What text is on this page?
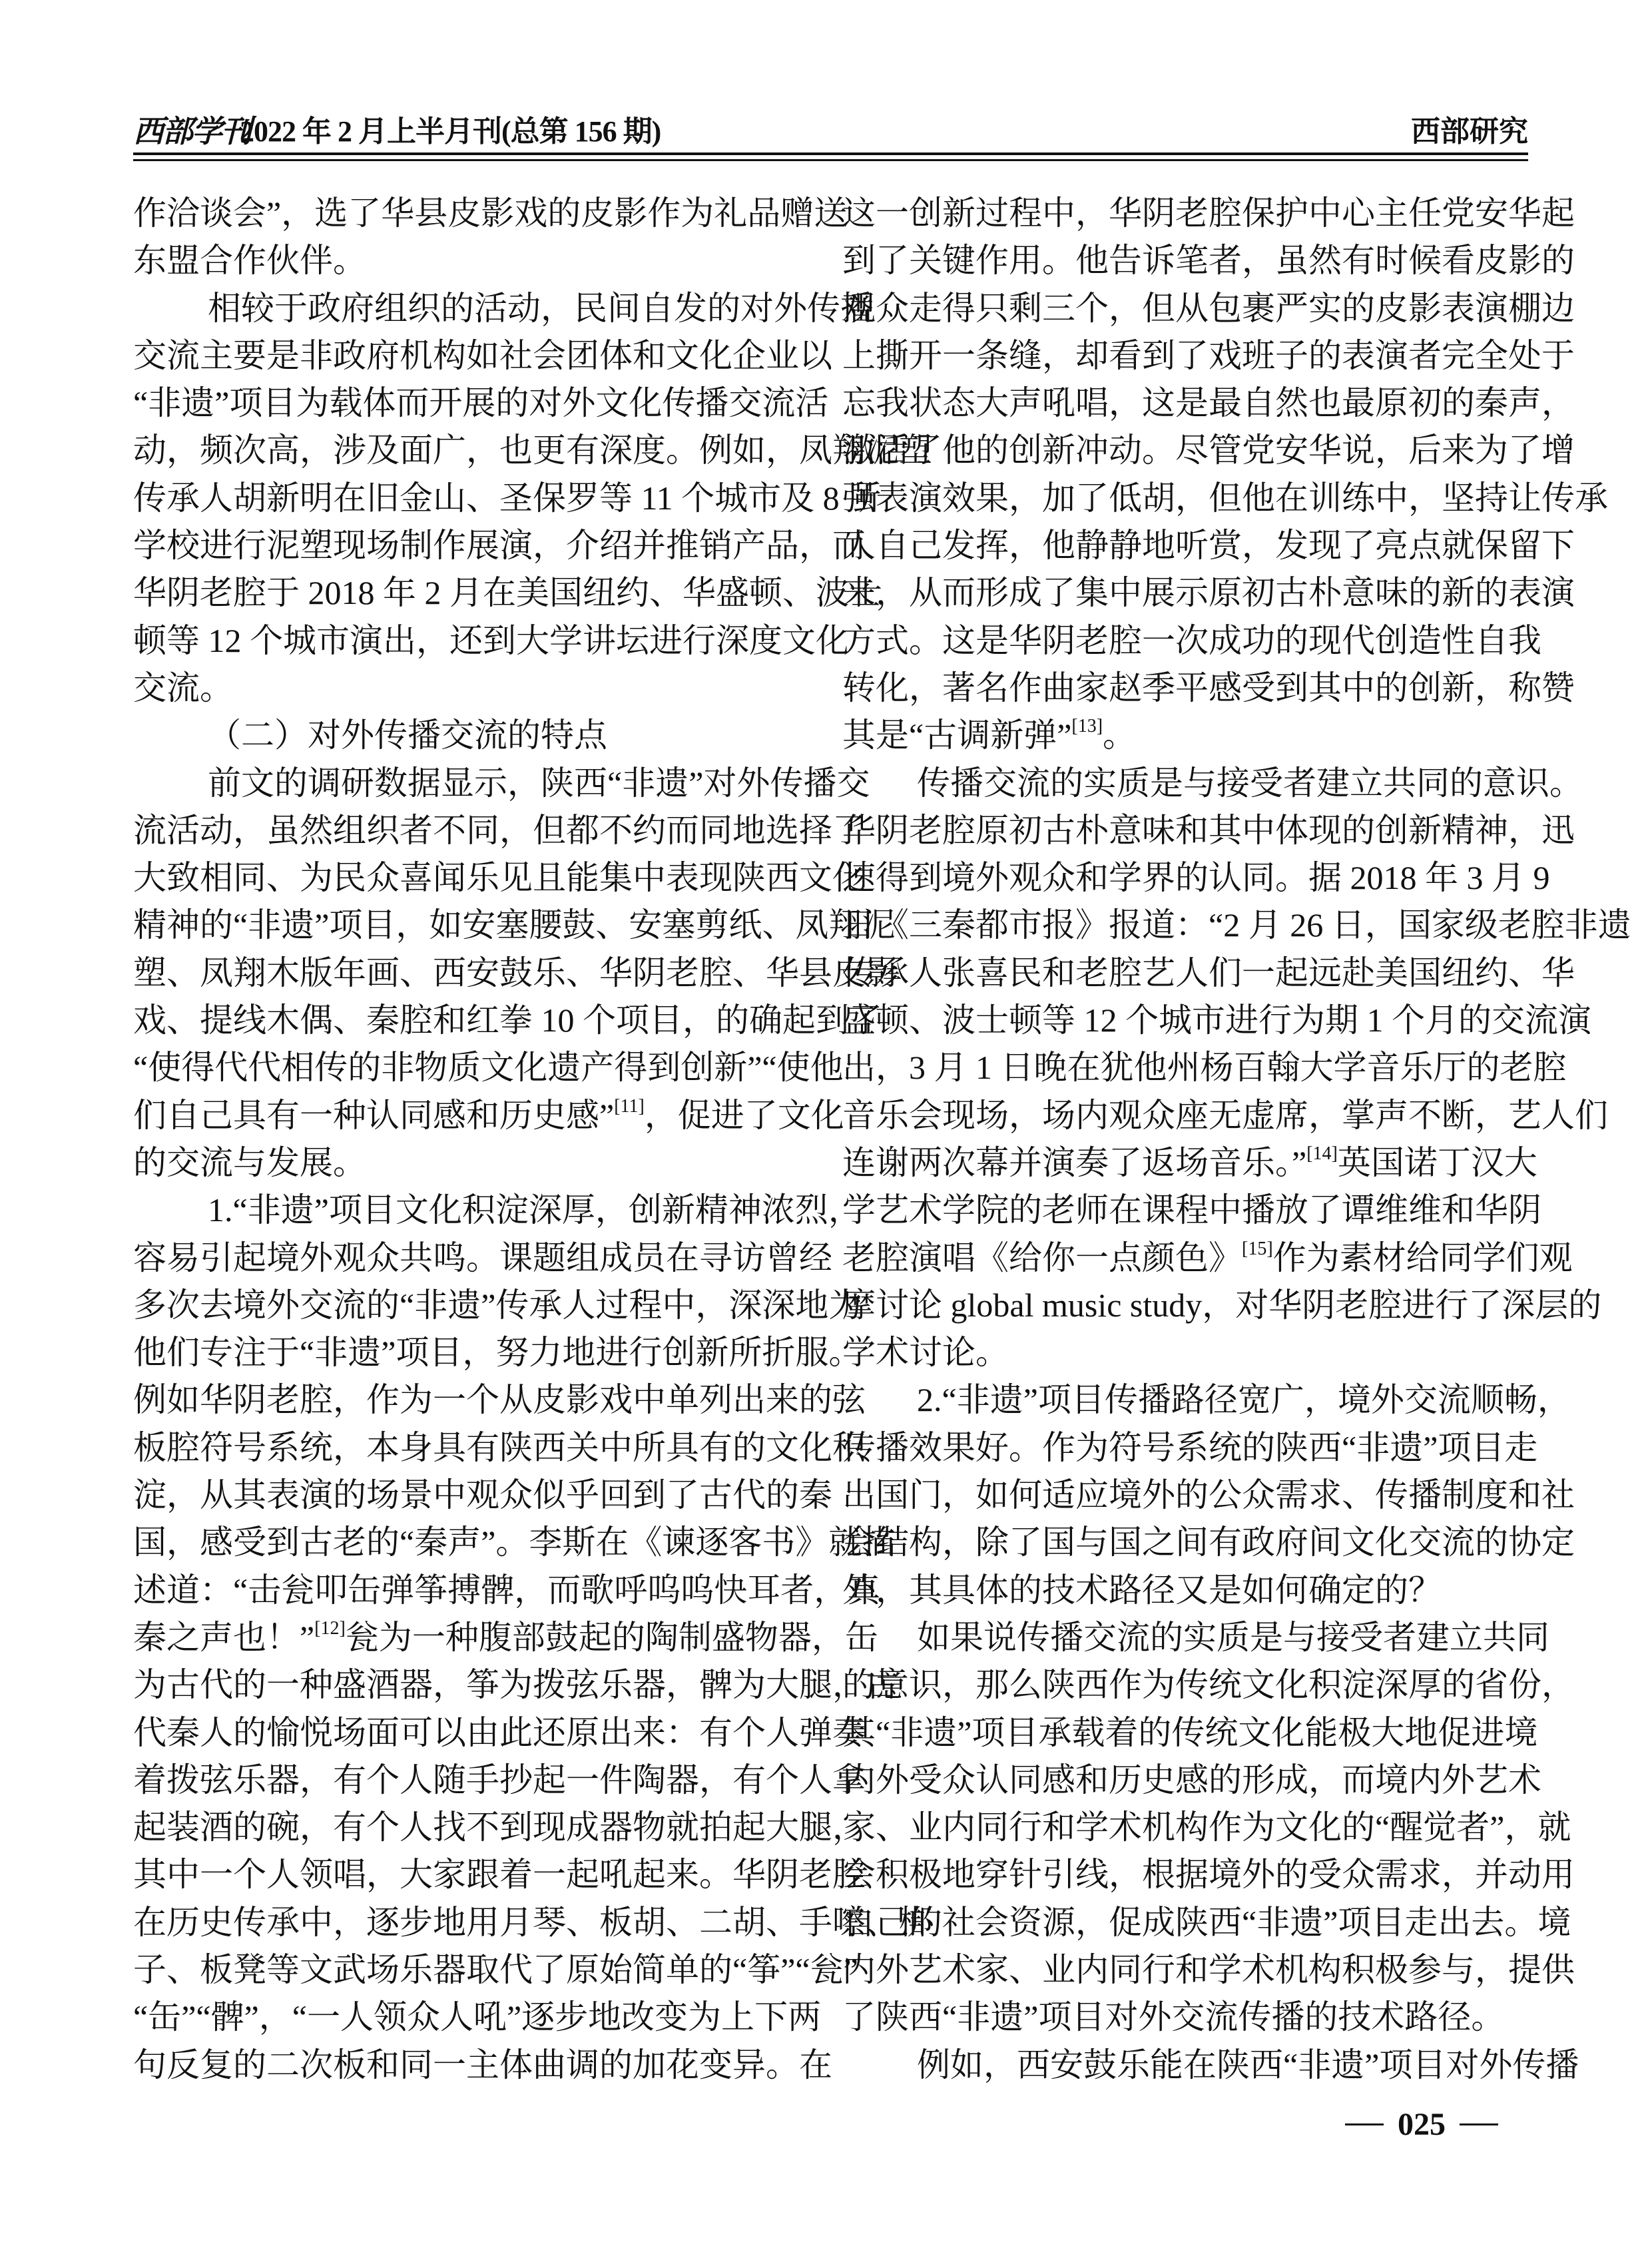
西部学刊
2022 年 2 月上半月刊(总第 156 期)	西部研究
作洽谈会”，选了华县皮影戏的皮影作为礼品赠送
东盟合作伙伴。
相较于政府组织的活动，民间自发的对外传播
交流主要是非政府机构如社会团体和文化企业以
“非遗”项目为载体而开展的对外文化传播交流活
动，频次高，涉及面广，也更有深度。例如，凤翔泥塑
传承人胡新明在旧金山、圣保罗等 11 个城市及 8 所
学校进行泥塑现场制作展演，介绍并推销产品，而
华阴老腔于 2018 年 2 月在美国纽约、华盛顿、波士
顿等 12 个城市演出，还到大学讲坛进行深度文化
交流。
（二）对外传播交流的特点
前文的调研数据显示，陕西“非遗”对外传播交
流活动，虽然组织者不同，但都不约而同地选择了
大致相同、为民众喜闻乐见且能集中表现陕西文化
精神的“非遗”项目，如安塞腰鼓、安塞剪纸、凤翔泥
塑、凤翔木版年画、西安鼓乐、华阴老腔、华县皮影
戏、提线木偶、秦腔和红拳 10 个项目，的确起到了
“使得代代相传的非物质文化遗产得到创新”“使他
们自己具有一种认同感和历史感”[11]，促进了文化
的交流与发展。
1.“非遗”项目文化积淀深厚，创新精神浓烈，
容易引起境外观众共鸣。课题组成员在寻访曾经
多次去境外交流的“非遗”传承人过程中，深深地为
他们专注于“非遗”项目，努力地进行创新所折服。
例如华阴老腔，作为一个从皮影戏中单列出来的弦
板腔符号系统，本身具有陕西关中所具有的文化积
淀，从其表演的场景中观众似乎回到了古代的秦
国，感受到古老的“秦声”。李斯在《谏逐客书》就描
述道：“击瓮叩缶弹筝搏髀，而歌呼呜呜快耳者，真
秦之声也！”[12]瓮为一种腹部鼓起的陶制盛物器，缶
为古代的一种盛酒器，筝为拨弦乐器，髀为大腿，古
代秦人的愉悦场面可以由此还原出来：有个人弹奏
着拨弦乐器，有个人随手抄起一件陶器，有个人拿
起装酒的碗，有个人找不到现成器物就拍起大腿，
其中一个人领唱，大家跟着一起吼起来。华阴老腔
在历史传承中，逐步地用月琴、板胡、二胡、手嚓、梆
子、板凳等文武场乐器取代了原始简单的“筝”“瓮”
“缶”“髀”，“一人领众人吼”逐步地改变为上下两
句反复的二次板和同一主体曲调的加花变异。在
这一创新过程中，华阴老腔保护中心主任党安华起
到了关键作用。他告诉笔者，虽然有时候看皮影的
观众走得只剩三个，但从包裹严实的皮影表演棚边
上撕开一条缝，却看到了戏班子的表演者完全处于
忘我状态大声吼唱，这是最自然也最原初的秦声，
激活了他的创新冲动。尽管党安华说，后来为了增
强表演效果，加了低胡，但他在训练中，坚持让传承
人自己发挥，他静静地听赏，发现了亮点就保留下
来，从而形成了集中展示原初古朴意味的新的表演
方式。这是华阴老腔一次成功的现代创造性自我
转化，著名作曲家赵季平感受到其中的创新，称赞
其是“古调新弹”[13]。
传播交流的实质是与接受者建立共同的意识。
华阴老腔原初古朴意味和其中体现的创新精神，迅
速得到境外观众和学界的认同。据 2018 年 3 月 9
日《三秦都市报》报道：“2 月 26 日，国家级老腔非遗
传承人张喜民和老腔艺人们一起远赴美国纽约、华
盛顿、波士顿等 12 个城市进行为期 1 个月的交流演
出，3 月 1 日晚在犹他州杨百翰大学音乐厅的老腔
音乐会现场，场内观众座无虚席，掌声不断，艺人们
连谢两次幕并演奏了返场音乐。”[14]英国诺丁汉大
学艺术学院的老师在课程中播放了谭维维和华阴
老腔演唱《给你一点颜色》[15]作为素材给同学们观
摩讨论 global music study，对华阴老腔进行了深层的
学术讨论。
2.“非遗”项目传播路径宽广，境外交流顺畅，
传播效果好。作为符号系统的陕西“非遗”项目走
出国门，如何适应境外的公众需求、传播制度和社
会结构，除了国与国之间有政府间文化交流的协定
外，其具体的技术路径又是如何确定的？
如果说传播交流的实质是与接受者建立共同
的意识，那么陕西作为传统文化积淀深厚的省份，
其“非遗”项目承载着的传统文化能极大地促进境
内外受众认同感和历史感的形成，而境内外艺术
家、业内同行和学术机构作为文化的“醒觉者”，就
会积极地穿针引线，根据境外的受众需求，并动用
自己的社会资源，促成陕西“非遗”项目走出去。境
内外艺术家、业内同行和学术机构积极参与，提供
了陕西“非遗”项目对外交流传播的技术路径。
例如，西安鼓乐能在陕西“非遗”项目对外传播
025
